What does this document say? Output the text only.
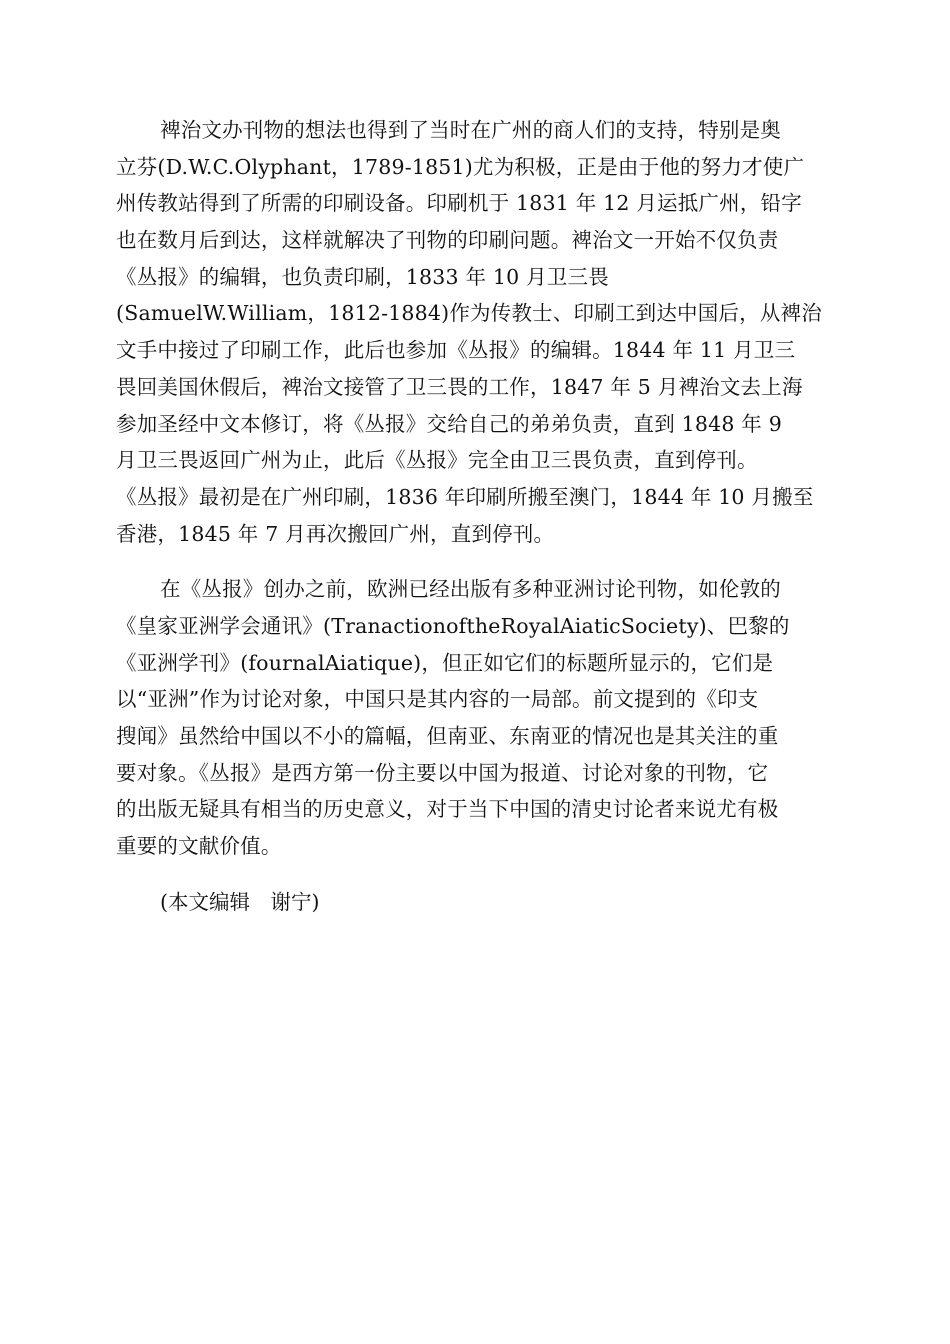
裨治文办刊物的想法也得到了当时在广州的商人们的支持，特别是奥
立芬(D.W.C.Olyphant，1789-1851)尤为积极，正是由于他的努力才使广
州传教站得到了所需的印刷设备。印刷机于 1831 年 12 月运抵广州，铅字
也在数月后到达，这样就解决了刊物的印刷问题。裨治文一开始不仅负责
《丛报》的编辑，也负责印刷，1833 年 10 月卫三畏
(SamuelW.William，1812-1884)作为传教士、印刷工到达中国后，从裨治
文手中接过了印刷工作，此后也参加《丛报》的编辑。1844 年 11 月卫三
畏回美国休假后，裨治文接管了卫三畏的工作，1847 年 5 月裨治文去上海
参加圣经中文本修订，将《丛报》交给自己的弟弟负责，直到 1848 年 9
月卫三畏返回广州为止，此后《丛报》完全由卫三畏负责，直到停刊。
《丛报》最初是在广州印刷，1836 年印刷所搬至澳门，1844 年 10 月搬至
香港，1845 年 7 月再次搬回广州，直到停刊。
在《丛报》创办之前，欧洲已经出版有多种亚洲讨论刊物，如伦敦的
《皇家亚洲学会通讯》(TranactionoftheRoyalAiaticSociety)、巴黎的
《亚洲学刊》(fournalAiatique)，但正如它们的标题所显示的，它们是
以“亚洲”作为讨论对象，中国只是其内容的一局部。前文提到的《印支
搜闻》虽然给中国以不小的篇幅，但南亚、东南亚的情况也是其关注的重
要对象。《丛报》是西方第一份主要以中国为报道、讨论对象的刊物，它
的出版无疑具有相当的历史意义，对于当下中国的清史讨论者来说尤有极
重要的文献价值。
(本文编辑　谢宁)
